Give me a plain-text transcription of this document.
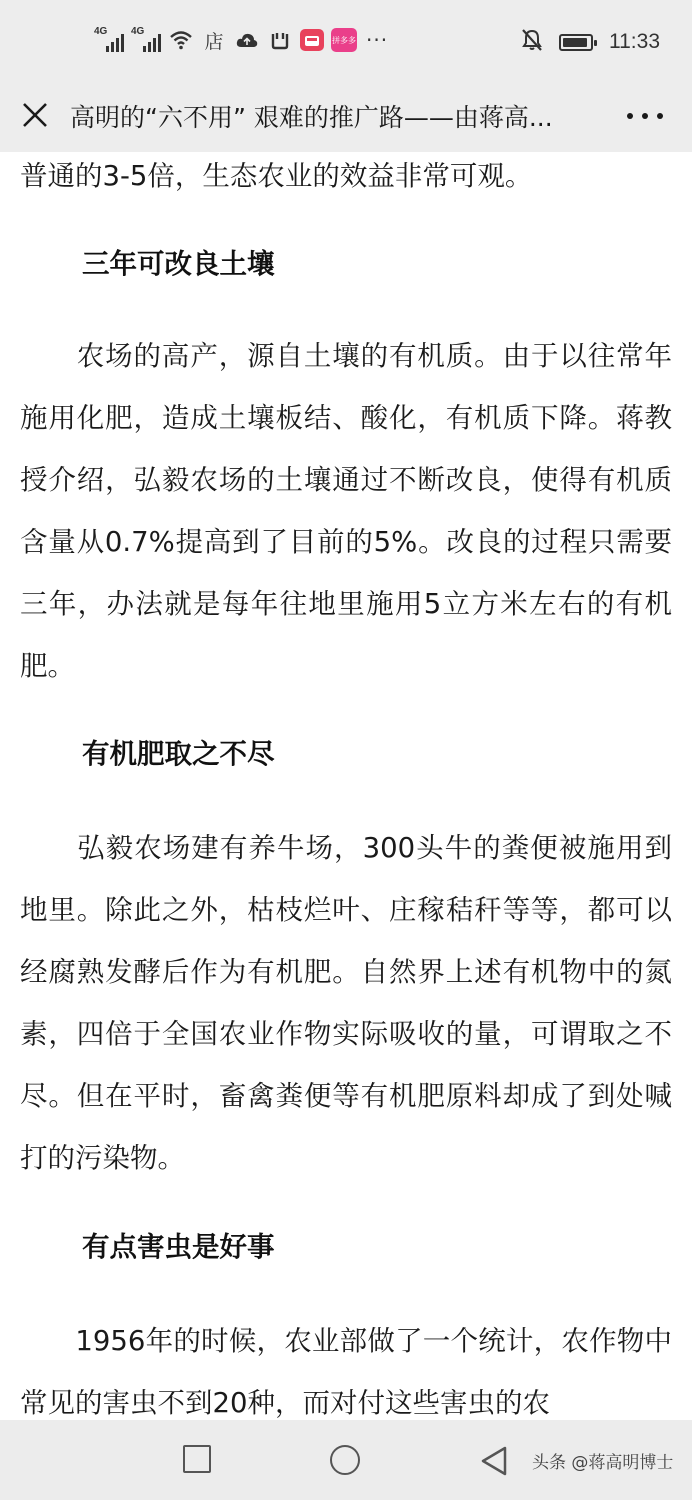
4G 4G	店	拼多多 ···	11:33
高明的“六不用” 艰难的推广路——由蒋高...

普通的3-5倍，生态农业的效益非常可观。

三年可改良土壤

　　农场的高产，源自土壤的有机质。由于以往常年施用化肥，造成土壤板结、酸化，有机质下降。蒋教授介绍，弘毅农场的土壤通过不断改良，使得有机质含量从0.7%提高到了目前的5%。改良的过程只需要三年，办法就是每年往地里施用5立方米左右的有机肥。

有机肥取之不尽

　　弘毅农场建有养牛场，300头牛的粪便被施用到地里。除此之外，枯枝烂叶、庄稼秸秆等等，都可以经腐熟发酵后作为有机肥。自然界上述有机物中的氮素，四倍于全国农业作物实际吸收的量，可谓取之不尽。但在平时，畜禽粪便等有机肥原料却成了到处喊打的污染物。

有点害虫是好事

　　1956年的时候，农业部做了一个统计，农作物中常见的害虫不到20种，而对付这些害虫的农

头条 @蒋高明博士
